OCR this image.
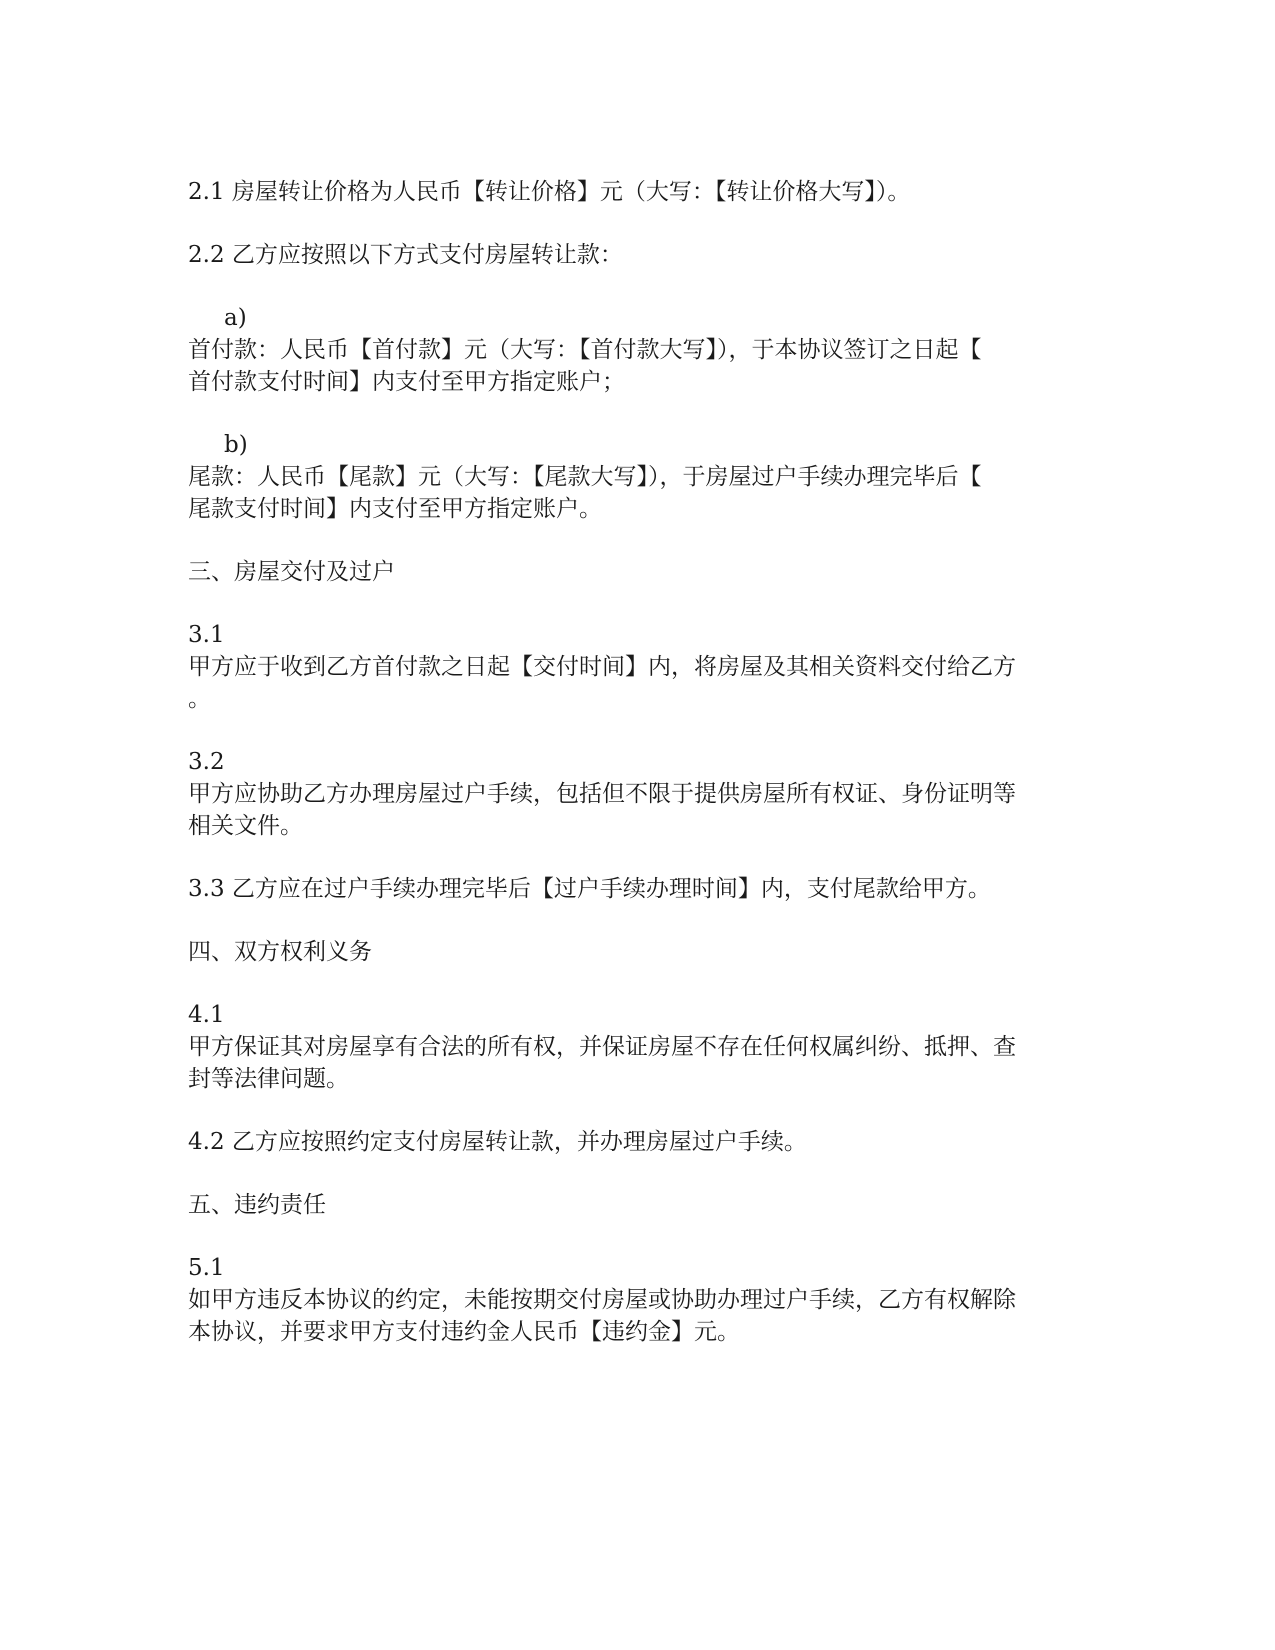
2.1 房屋转让价格为人民币【转让价格】元（大写：【转让价格大写】）。

2.2 乙方应按照以下方式支付房屋转让款：

a)

首付款：人民币【首付款】元（大写：【首付款大写】），于本协议签订之日起【

首付款支付时间】内支付至甲方指定账户；

b)

尾款：人民币【尾款】元（大写：【尾款大写】），于房屋过户手续办理完毕后【

尾款支付时间】内支付至甲方指定账户。

三、房屋交付及过户

3.1

甲方应于收到乙方首付款之日起【交付时间】内，将房屋及其相关资料交付给乙方

。

3.2

甲方应协助乙方办理房屋过户手续，包括但不限于提供房屋所有权证、身份证明等

相关文件。

3.3 乙方应在过户手续办理完毕后【过户手续办理时间】内，支付尾款给甲方。

四、双方权利义务

4.1

甲方保证其对房屋享有合法的所有权，并保证房屋不存在任何权属纠纷、抵押、查

封等法律问题。

4.2 乙方应按照约定支付房屋转让款，并办理房屋过户手续。

五、违约责任

5.1

如甲方违反本协议的约定，未能按期交付房屋或协助办理过户手续，乙方有权解除

本协议，并要求甲方支付违约金人民币【违约金】元。
